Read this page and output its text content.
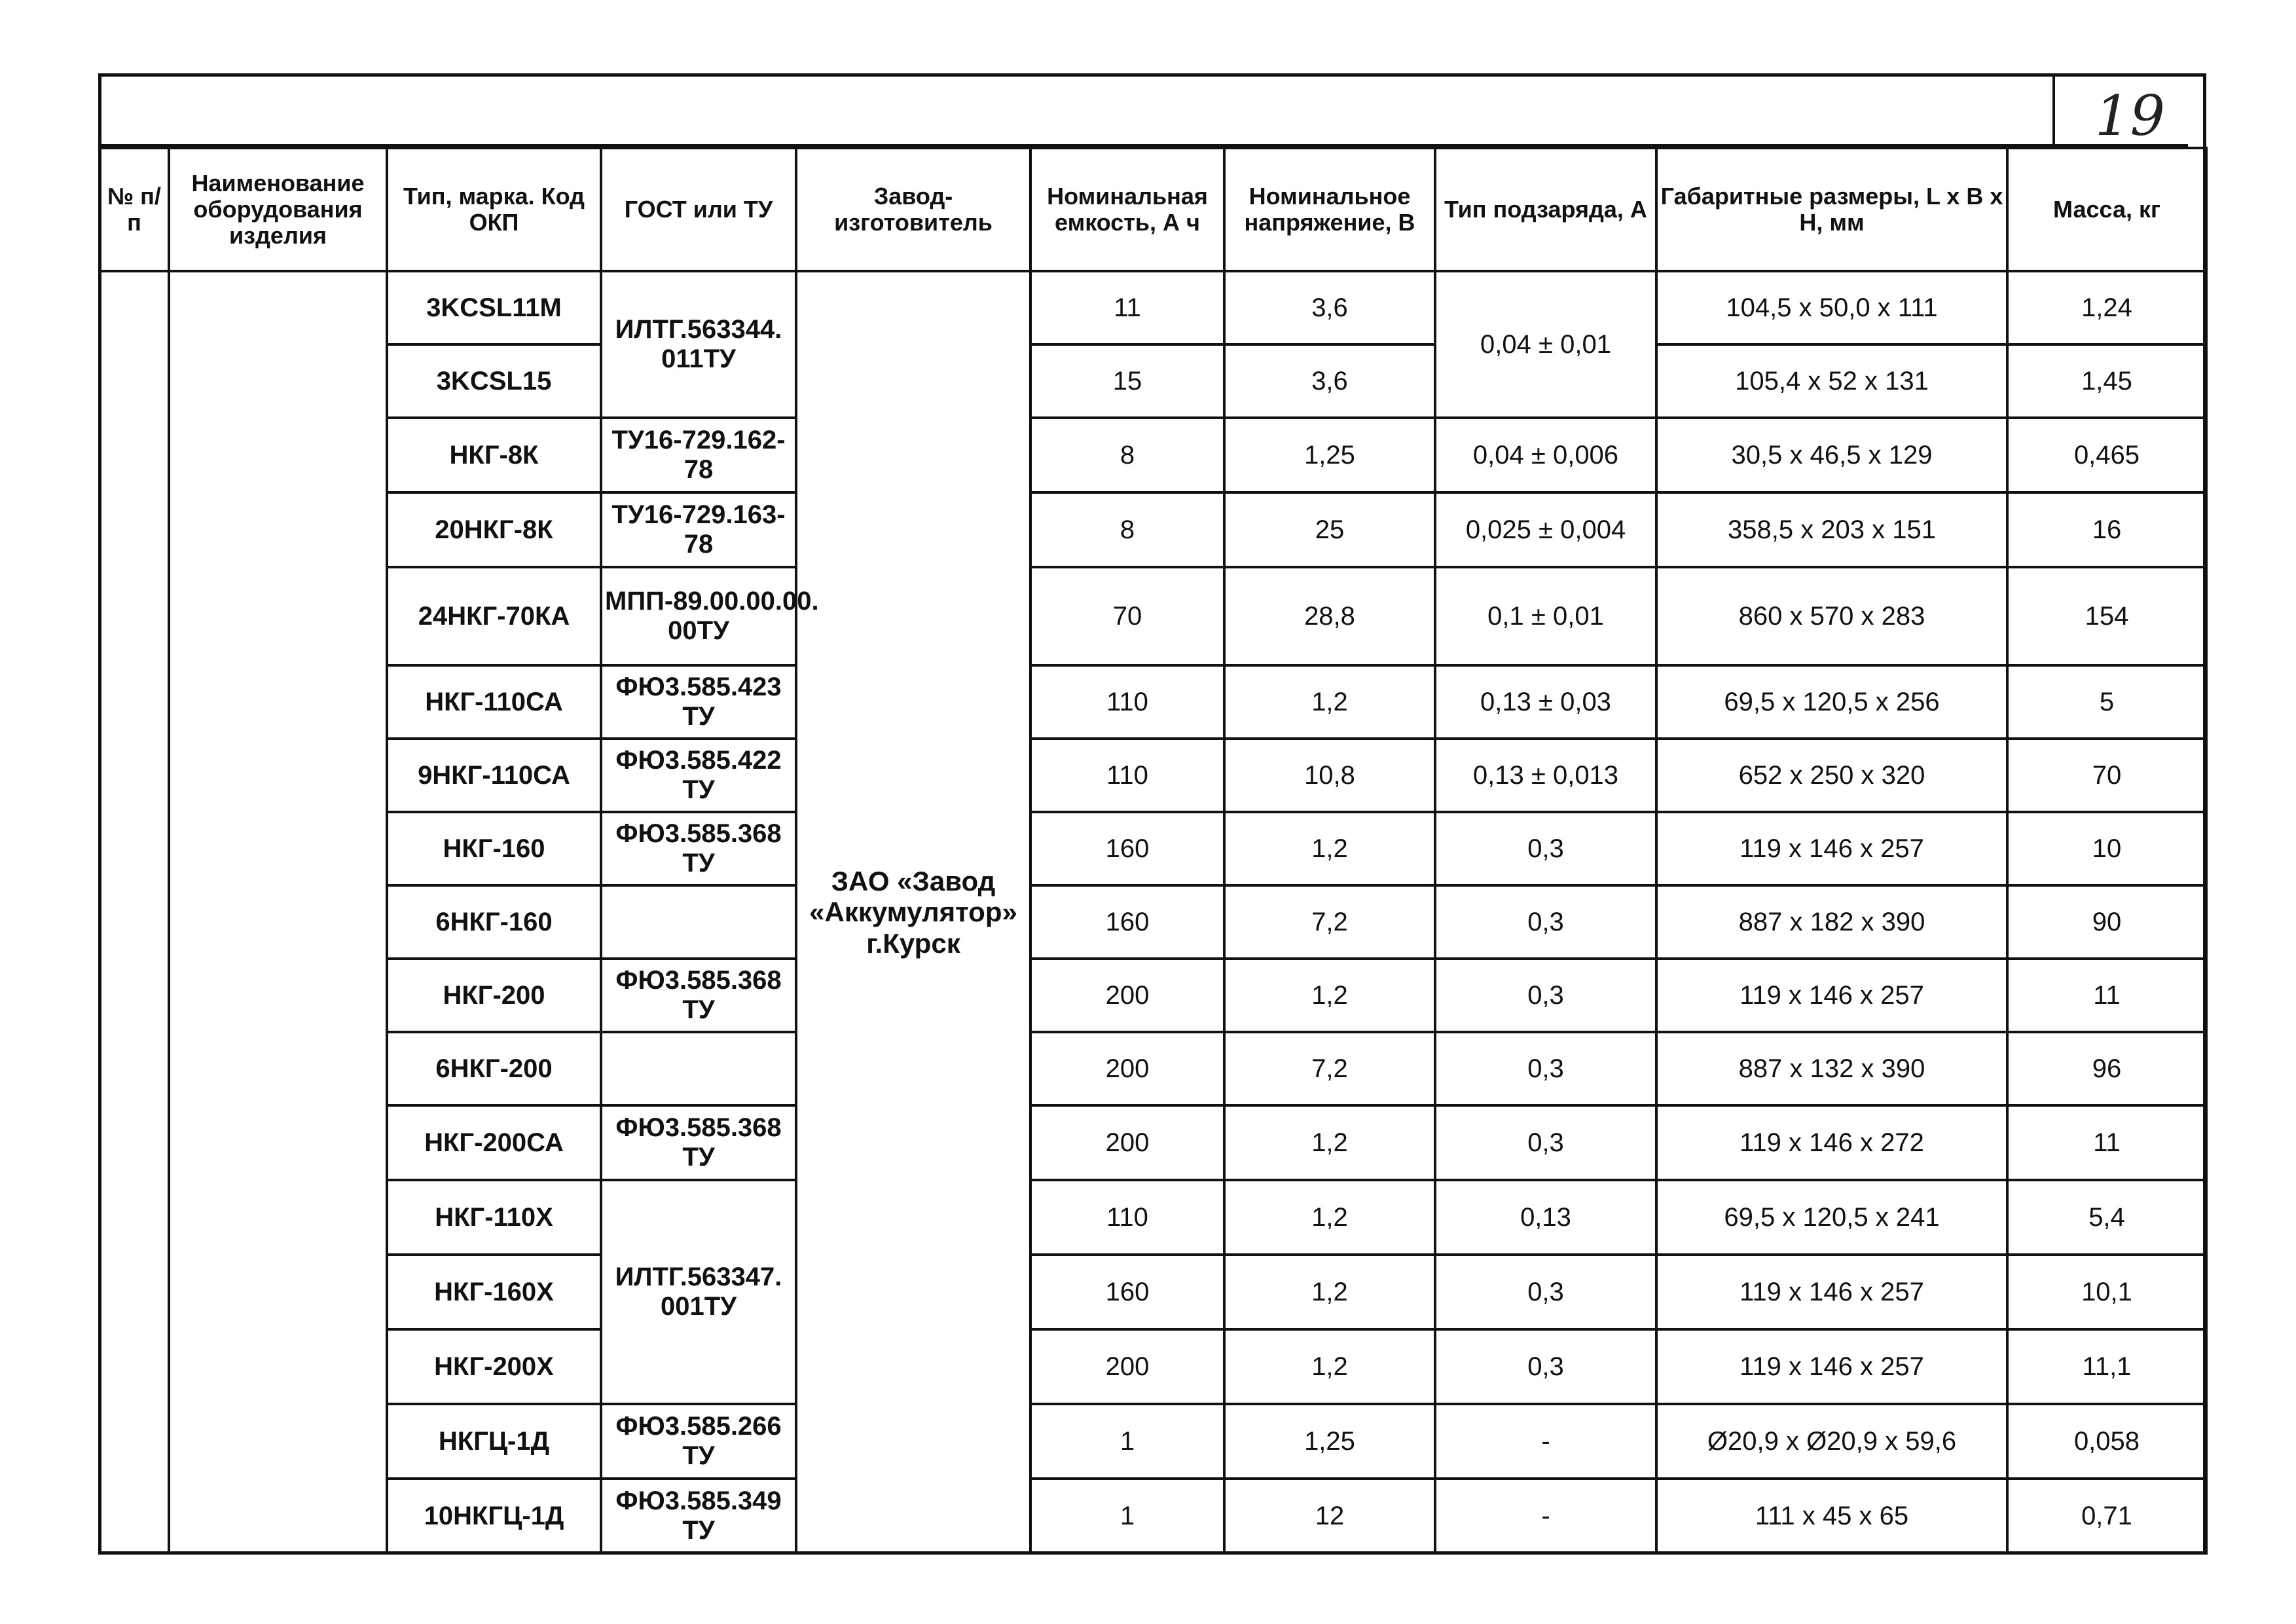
19
№ п/п	Наименование оборудования изделия	Тип, марка. Код ОКП	ГОСТ или ТУ	Завод-изготовитель	Номинальная емкость, А ч	Номинальное напряжение, В	Тип подзаряда, А	Габаритные размеры, L x B x H, мм	Масса, кг
		3KCSL11M	ИЛТГ.563344. 011ТУ	ЗАО «Завод «Аккумулятор» г.Курск	11	3,6	0,04 ± 0,01	104,5 x 50,0 x 111	1,24
		3KCSL15			15	3,6		105,4 x 52 x 131	1,45
		НКГ-8К	ТУ16-729.162-78		8	1,25	0,04 ± 0,006	30,5 x 46,5 x 129	0,465
		20НКГ-8К	ТУ16-729.163-78		8	25	0,025 ± 0,004	358,5 x 203 x 151	16
		24НКГ-70КА	МПП-89.00.00.00. 00ТУ		70	28,8	0,1 ± 0,01	860 x 570 x 283	154
		НКГ-110СА	ФЮ3.585.423 ТУ		110	1,2	0,13 ± 0,03	69,5 x 120,5 x 256	5
		9НКГ-110СА	ФЮ3.585.422 ТУ		110	10,8	0,13 ± 0,013	652 x 250 x 320	70
		НКГ-160	ФЮ3.585.368 ТУ		160	1,2	0,3	119 x 146 x 257	10
		6НКГ-160			160	7,2	0,3	887 x 182 x 390	90
		НКГ-200	ФЮ3.585.368 ТУ		200	1,2	0,3	119 x 146 x 257	11
		6НКГ-200			200	7,2	0,3	887 x 132 x 390	96
		НКГ-200СА	ФЮ3.585.368 ТУ		200	1,2	0,3	119 x 146 x 272	11
		НКГ-110Х	ИЛТГ.563347. 001ТУ		110	1,2	0,13	69,5 x 120,5 x 241	5,4
		НКГ-160Х			160	1,2	0,3	119 x 146 x 257	10,1
		НКГ-200Х			200	1,2	0,3	119 x 146 x 257	11,1
		НКГЦ-1Д	ФЮ3.585.266 ТУ		1	1,25	-	Ø20,9 x Ø20,9 x 59,6	0,058
		10НКГЦ-1Д	ФЮ3.585.349 ТУ		1	12	-	111 x 45 x 65	0,71
